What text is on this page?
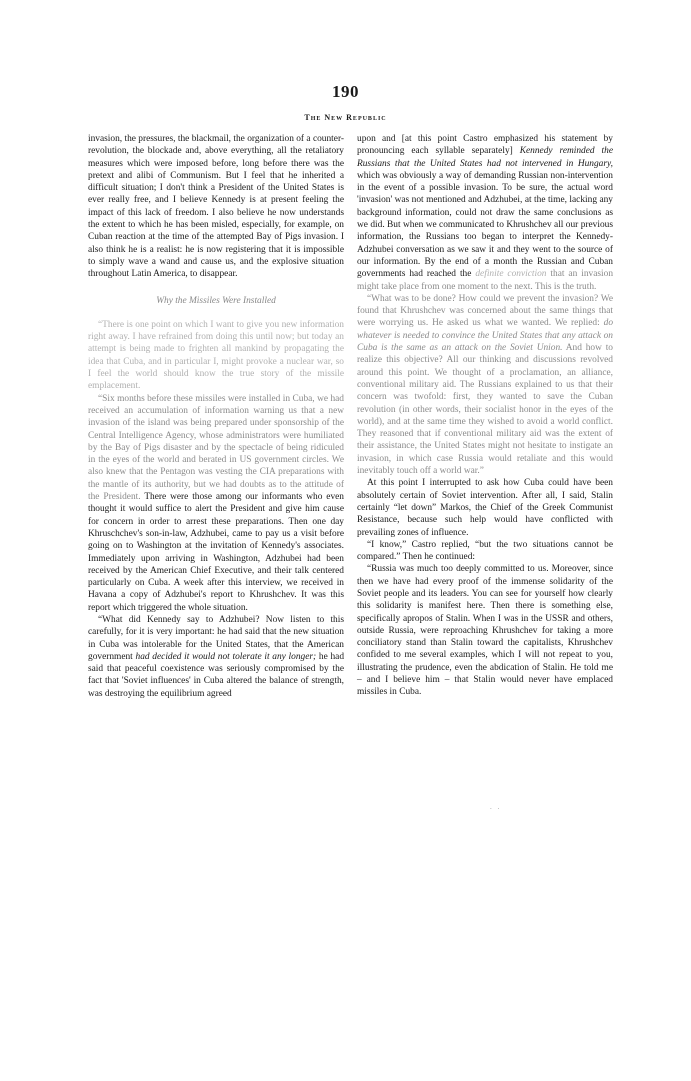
190
The New Republic

invasion, the pressures, the blackmail, the organization of a counter-revolution, the blockade and, above everything, all the retaliatory measures which were imposed before, long before there was the pretext and alibi of Communism. But I feel that he inherited a difficult situation; I don't think a President of the United States is ever really free, and I believe Kennedy is at present feeling the impact of this lack of freedom. I also believe he now understands the extent to which he has been misled, especially, for example, on Cuban reaction at the time of the attempted Bay of Pigs invasion. I also think he is a realist: he is now registering that it is impossible to simply wave a wand and cause us, and the explosive situation throughout Latin America, to disappear.

Why the Missiles Were Installed

“There is one point on which I want to give you new information right away. I have refrained from doing this until now; but today an attempt is being made to frighten all mankind by propagating the idea that Cuba, and in particular I, might provoke a nuclear war, so I feel the world should know the true story of the missile emplacement.

“Six months before these missiles were installed in Cuba, we had received an accumulation of information warning us that a new invasion of the island was being prepared under sponsorship of the Central Intelligence Agency, whose administrators were humiliated by the Bay of Pigs disaster and by the spectacle of being ridiculed in the eyes of the world and berated in US government circles. We also knew that the Pentagon was vesting the CIA preparations with the mantle of its authority, but we had doubts as to the attitude of the President. There were those among our informants who even thought it would suffice to alert the President and give him cause for concern in order to arrest these preparations. Then one day Khruschchev's son-in-law, Adzhubei, came to pay us a visit before going on to Washington at the invitation of Kennedy's associates. Immediately upon arriving in Washington, Adzhubei had been received by the American Chief Executive, and their talk centered particularly on Cuba. A week after this interview, we received in Havana a copy of Adzhubei's report to Khrushchev. It was this report which triggered the whole situation.

“What did Kennedy say to Adzhubei? Now listen to this carefully, for it is very important: he had said that the new situation in Cuba was intolerable for the United States, that the American government had decided it would not tolerate it any longer; he had said that peaceful coexistence was seriously compromised by the fact that 'Soviet influences' in Cuba altered the balance of strength, was destroying the equilibrium agreed

upon and [at this point Castro emphasized his statement by pronouncing each syllable separately] Kennedy reminded the Russians that the United States had not intervened in Hungary, which was obviously a way of demanding Russian non-intervention in the event of a possible invasion. To be sure, the actual word 'invasion' was not mentioned and Adzhubei, at the time, lacking any background information, could not draw the same conclusions as we did. But when we communicated to Khrushchev all our previous information, the Russians too began to interpret the Kennedy-Adzhubei conversation as we saw it and they went to the source of our information. By the end of a month the Russian and Cuban governments had reached the definite conviction that an invasion might take place from one moment to the next. This is the truth.

“What was to be done? How could we prevent the invasion? We found that Khrushchev was concerned about the same things that were worrying us. He asked us what we wanted. We replied: do whatever is needed to convince the United States that any attack on Cuba is the same as an attack on the Soviet Union. And how to realize this objective? All our thinking and discussions revolved around this point. We thought of a proclamation, an alliance, conventional military aid. The Russians explained to us that their concern was twofold: first, they wanted to save the Cuban revolution (in other words, their socialist honor in the eyes of the world), and at the same time they wished to avoid a world conflict. They reasoned that if conventional military aid was the extent of their assistance, the United States might not hesitate to instigate an invasion, in which case Russia would retaliate and this would inevitably touch off a world war.”

At this point I interrupted to ask how Cuba could have been absolutely certain of Soviet intervention. After all, I said, Stalin certainly “let down” Markos, the Chief of the Greek Communist Resistance, because such help would have conflicted with prevailing zones of influence.

“I know,” Castro replied, “but the two situations cannot be compared.” Then he continued:

“Russia was much too deeply committed to us. Moreover, since then we have had every proof of the immense solidarity of the Soviet people and its leaders. You can see for yourself how clearly this solidarity is manifest here. Then there is something else, specifically apropos of Stalin. When I was in the USSR and others, outside Russia, were reproaching Khrushchev for taking a more conciliatory stand than Stalin toward the capitalists, Khrushchev confided to me several examples, which I will not repeat to you, illustrating the prudence, even the abdication of Stalin. He told me – and I believe him – that Stalin would never have emplaced missiles in Cuba.

. .
